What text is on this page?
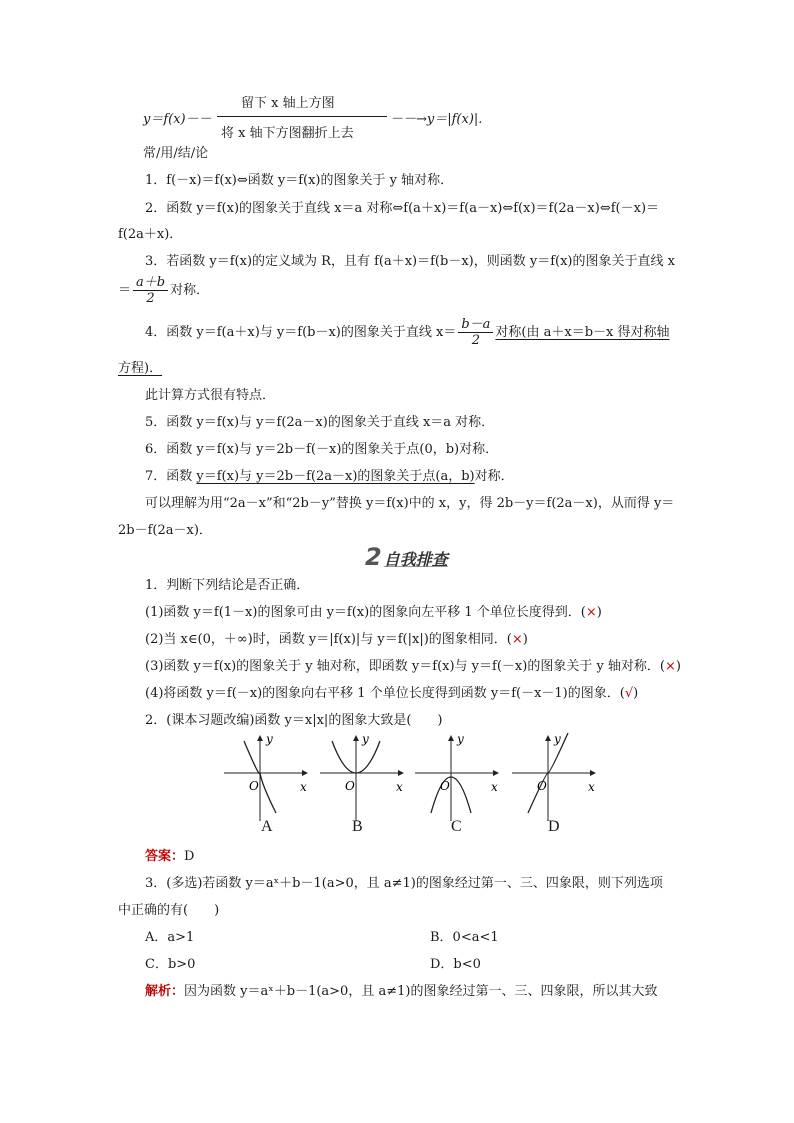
y＝f(x)－－
留下 x 轴上方图
将 x 轴下方图翻折上去
－－→y＝|f(x)|.
常/用/结/论
1．f(－x)＝f(x)⇔函数 y＝f(x)的图象关于 y 轴对称．
2．函数 y＝f(x)的图象关于直线 x＝a 对称⇔f(a＋x)＝f(a－x)⇔f(x)＝f(2a－x)⇔f(－x)＝
f(2a＋x)．
3．若函数 y＝f(x)的定义域为 R，且有 f(a＋x)＝f(b－x)，则函数 y＝f(x)的图象关于直线 x
＝ $\frac{a+b}{2}$ 对称．
4．函数 y＝f(a＋x)与 y＝f(b－x)的图象关于直线 $x= \frac{b-a}{2}$ 对称(由 a＋x＝b－x 得对称轴
方程)．
此计算方式很有特点．
5．函数 y＝f(x)与 y＝f(2a－x)的图象关于直线 x＝a 对称．
6．函数 y＝f(x)与 y＝2b－f(－x)的图象关于点(0，b)对称．
7．函数 y＝f(x)与 y＝2b－f(2a－x)的图象关于点(a，b)对称．
可以理解为用“2a－x”和“2b－y”替换 y＝f(x)中的 x，y，得 2b－y＝f(2a－x)，从而得 y＝
2b－f(2a－x)．
2 自我排查
1．判断下列结论是否正确．
(1)函数 y＝f(1－x)的图象可由 y＝f(x)的图象向左平移 1 个单位长度得到．(×)
(2)当 x∈(0，＋∞)时，函数 y＝|f(x)|与 y＝f(|x|)的图象相同．(×)
(3)函数 y＝f(x)的图象关于 y 轴对称，即函数 y＝f(x)与 y＝f(－x)的图象关于 y 轴对称．(×)
(4)将函数 y＝f(－x)的图象向右平移 1 个单位长度得到函数 y＝f(－x－1)的图象．(√)
2．(课本习题改编)函数 y＝x|x|的图象大致是(　　)
y
x
O
y
x
O
y
x
O
y
x
O
A	B	C	D
答案：D
3．(多选)若函数 y＝aˣ＋b－1(a>0，且 a≠1)的图象经过第一、三、四象限，则下列选项
中正确的有(　　)
A．a>1	B．0<a<1
C．b>0	D．b<0
解析：因为函数 y＝aˣ＋b－1(a>0，且 a≠1)的图象经过第一、三、四象限，所以其大致
